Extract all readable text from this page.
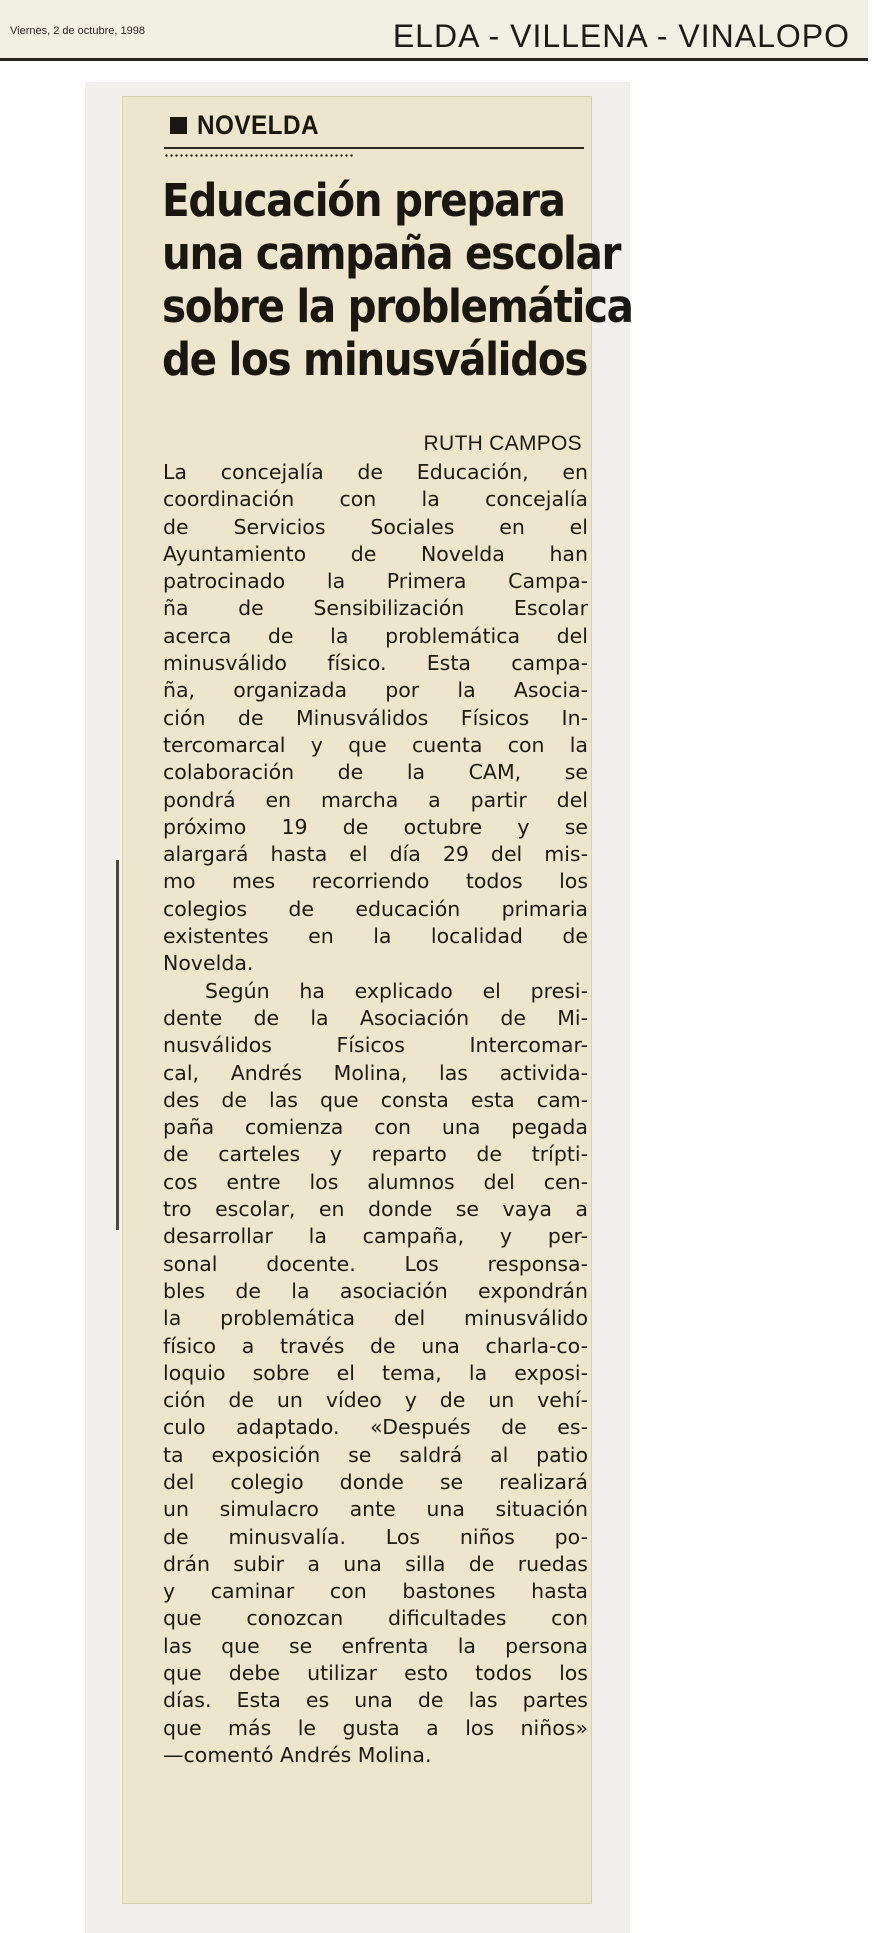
Viernes, 2 de octubre, 1998	ELDA - VILLENA - VINALOPO
NOVELDA
Educación prepara
una campaña escolar
sobre la problemática
de los minusválidos
RUTH CAMPOS
La concejalía de Educación, en
coordinación con la concejalía
de Servicios Sociales en el
Ayuntamiento de Novelda han
patrocinado la Primera Campa-
ña de Sensibilización Escolar
acerca de la problemática del
minusválido físico. Esta campa-
ña, organizada por la Asocia-
ción de Minusválidos Físicos In-
tercomarcal y que cuenta con la
colaboración de la CAM, se
pondrá en marcha a partir del
próximo 19 de octubre y se
alargará hasta el día 29 del mis-
mo mes recorriendo todos los
colegios de educación primaria
existentes en la localidad de
Novelda.
Según ha explicado el presi-
dente de la Asociación de Mi-
nusválidos Físicos Intercomar-
cal, Andrés Molina, las activida-
des de las que consta esta cam-
paña comienza con una pegada
de carteles y reparto de trípti-
cos entre los alumnos del cen-
tro escolar, en donde se vaya a
desarrollar la campaña, y per-
sonal docente. Los responsa-
bles de la asociación expondrán
la problemática del minusválido
físico a través de una charla-co-
loquio sobre el tema, la exposi-
ción de un vídeo y de un vehí-
culo adaptado. «Después de es-
ta exposición se saldrá al patio
del colegio donde se realizará
un simulacro ante una situación
de minusvalía. Los niños po-
drán subir a una silla de ruedas
y caminar con bastones hasta
que conozcan dificultades con
las que se enfrenta la persona
que debe utilizar esto todos los
días. Esta es una de las partes
que más le gusta a los niños»
—comentó Andrés Molina.
